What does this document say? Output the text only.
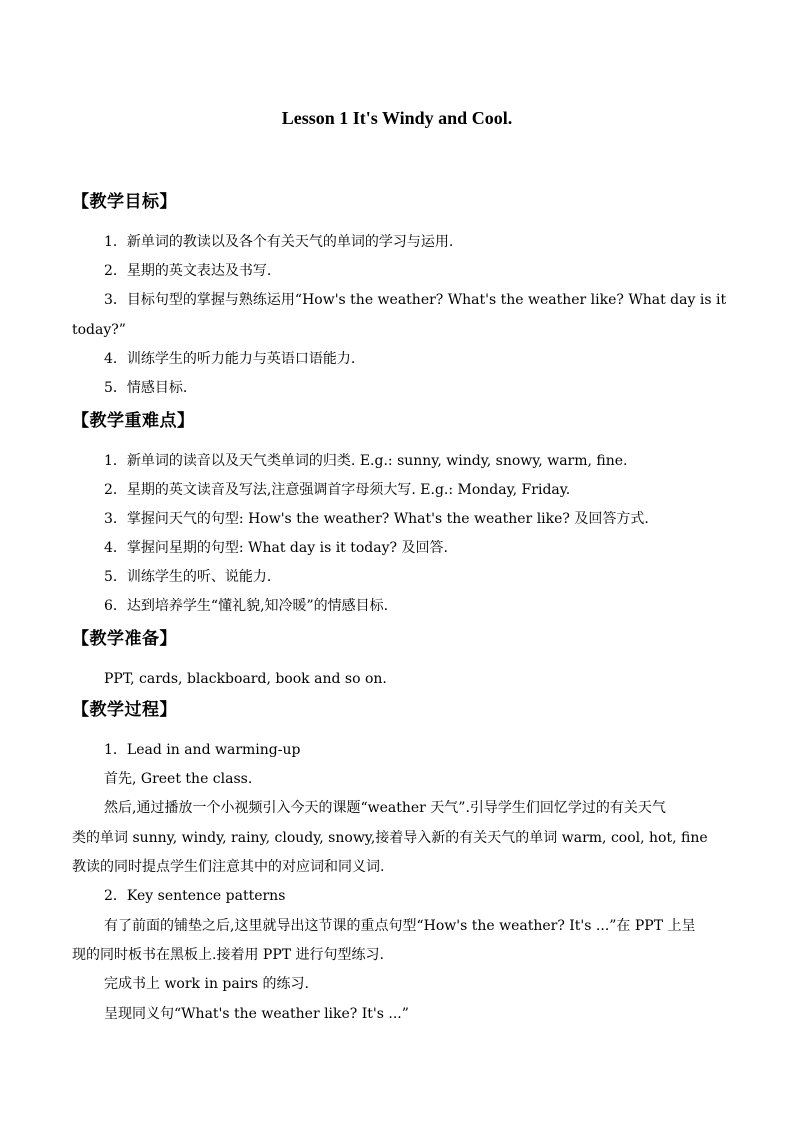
Lesson 1 It's Windy and Cool.
【教学目标】
1．新单词的教读以及各个有关天气的单词的学习与运用.
2．星期的英文表达及书写.
3．目标句型的掌握与熟练运用“How's the weather? What's the weather like? What day is it
today?”
4．训练学生的听力能力与英语口语能力.
5．情感目标.
【教学重难点】
1．新单词的读音以及天气类单词的归类. E.g.: sunny, windy, snowy, warm, fine.
2．星期的英文读音及写法,注意强调首字母须大写. E.g.: Monday, Friday.
3．掌握问天气的句型: How's the weather? What's the weather like? 及回答方式.
4．掌握问星期的句型: What day is it today? 及回答.
5．训练学生的听、说能力.
6．达到培养学生“懂礼貌,知冷暖”的情感目标.
【教学准备】
PPT, cards, blackboard, book and so on.
【教学过程】
1．Lead in and warming-up
首先, Greet the class.
然后,通过播放一个小视频引入今天的课题“weather 天气”.引导学生们回忆学过的有关天气
类的单词 sunny, windy, rainy, cloudy, snowy,接着导入新的有关天气的单词 warm, cool, hot, fine
教读的同时提点学生们注意其中的对应词和同义词.
2．Key sentence patterns
有了前面的铺垫之后,这里就导出这节课的重点句型“How's the weather? It's ...”在 PPT 上呈
现的同时板书在黑板上.接着用 PPT 进行句型练习.
完成书上 work in pairs 的练习.
呈现同义句“What's the weather like? It's ...”
